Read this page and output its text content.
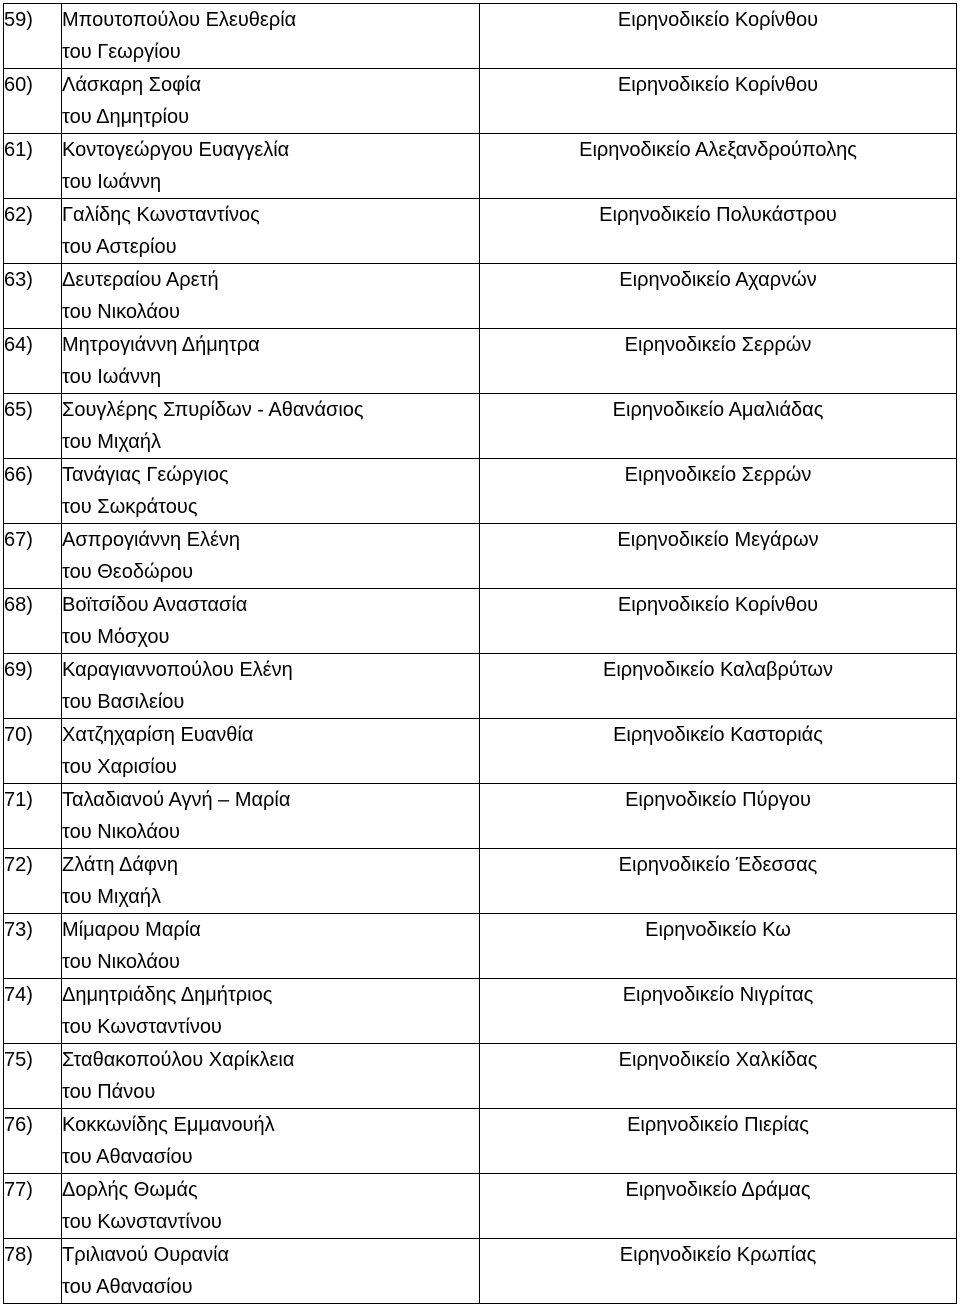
59)	Μπουτοπούλου Ελευθερία
του Γεωργίου	Ειρηνοδικείο Κορίνθου

60)	Λάσκαρη Σοφία
του Δημητρίου	Ειρηνοδικείο Κορίνθου

61)	Κοντογεώργου Ευαγγελία
του Ιωάννη	Ειρηνοδικείο Αλεξανδρούπολης

62)	Γαλίδης Κωνσταντίνος
του Αστερίου	Ειρηνοδικείο Πολυκάστρου

63)	Δευτεραίου Αρετή
του Νικολάου	Ειρηνοδικείο Αχαρνών

64)	Μητρογιάννη Δήμητρα
του Ιωάννη	Ειρηνοδικείο Σερρών

65)	Σουγλέρης Σπυρίδων - Αθανάσιος
του Μιχαήλ	Ειρηνοδικείο Αμαλιάδας

66)	Τανάγιας Γεώργιος
του Σωκράτους	Ειρηνοδικείο Σερρών

67)	Ασπρογιάννη Ελένη
του Θεοδώρου	Ειρηνοδικείο Μεγάρων

68)	Βοϊτσίδου Αναστασία
του Μόσχου	Ειρηνοδικείο Κορίνθου

69)	Καραγιαννοπούλου Ελένη
του Βασιλείου	Ειρηνοδικείο Καλαβρύτων

70)	Χατζηχαρίση Ευανθία
του Χαρισίου	Ειρηνοδικείο Καστοριάς

71)	Ταλαδιανού Αγνή – Μαρία
του Νικολάου	Ειρηνοδικείο Πύργου

72)	Ζλάτη Δάφνη
του Μιχαήλ	Ειρηνοδικείο Έδεσσας

73)	Μίμαρου Μαρία
του Νικολάου	Ειρηνοδικείο Κω

74)	Δημητριάδης Δημήτριος
του Κωνσταντίνου	Ειρηνοδικείο Νιγρίτας

75)	Σταθακοπούλου Χαρίκλεια
του Πάνου	Ειρηνοδικείο Χαλκίδας

76)	Κοκκωνίδης Εμμανουήλ
του Αθανασίου	Ειρηνοδικείο Πιερίας

77)	Δορλής Θωμάς
του Κωνσταντίνου	Ειρηνοδικείο Δράμας

78)	Τριλιανού Ουρανία
του Αθανασίου	Ειρηνοδικείο Κρωπίας
